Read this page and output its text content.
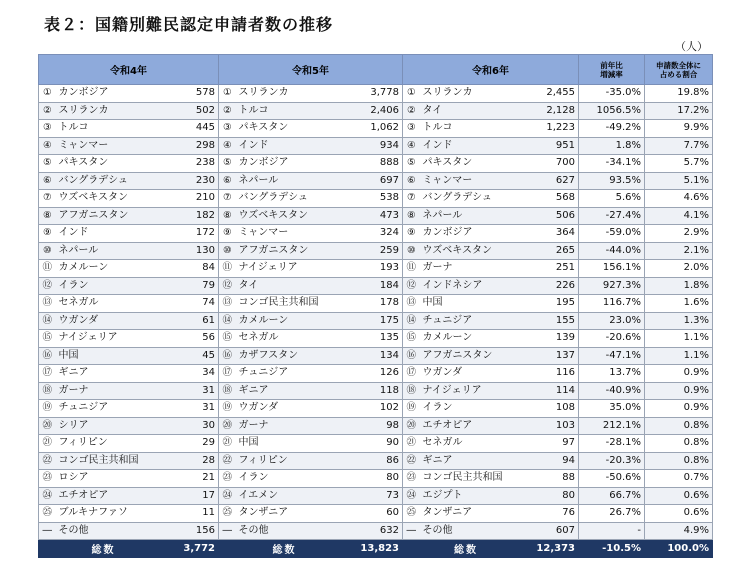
表２：国籍別難民認定申請者数の推移
（人）
令和4年			令和5年			令和6年			前年比
増減率	申請数全体に
占める割合
①	カンボジア	578	①	スリランカ	3,778	①	スリランカ	2,455	-35.0%	19.8%
②	スリランカ	502	②	トルコ	2,406	②	タイ	2,128	1056.5%	17.2%
③	トルコ	445	③	パキスタン	1,062	③	トルコ	1,223	-49.2%	9.9%
④	ミャンマー	298	④	インド	934	④	インド	951	1.8%	7.7%
⑤	パキスタン	238	⑤	カンボジア	888	⑤	パキスタン	700	-34.1%	5.7%
⑥	バングラデシュ	230	⑥	ネパール	697	⑥	ミャンマー	627	93.5%	5.1%
⑦	ウズベキスタン	210	⑦	バングラデシュ	538	⑦	バングラデシュ	568	5.6%	4.6%
⑧	アフガニスタン	182	⑧	ウズベキスタン	473	⑧	ネパール	506	-27.4%	4.1%
⑨	インド	172	⑨	ミャンマー	324	⑨	カンボジア	364	-59.0%	2.9%
⑩	ネパール	130	⑩	アフガニスタン	259	⑩	ウズベキスタン	265	-44.0%	2.1%
⑪	カメルーン	84	⑪	ナイジェリア	193	⑪	ガーナ	251	156.1%	2.0%
⑫	イラン	79	⑫	タイ	184	⑫	インドネシア	226	927.3%	1.8%
⑬	セネガル	74	⑬	コンゴ民主共和国	178	⑬	中国	195	116.7%	1.6%
⑭	ウガンダ	61	⑭	カメルーン	175	⑭	チュニジア	155	23.0%	1.3%
⑮	ナイジェリア	56	⑮	セネガル	135	⑮	カメルーン	139	-20.6%	1.1%
⑯	中国	45	⑯	カザフスタン	134	⑯	アフガニスタン	137	-47.1%	1.1%
⑰	ギニア	34	⑰	チュニジア	126	⑰	ウガンダ	116	13.7%	0.9%
⑱	ガーナ	31	⑱	ギニア	118	⑱	ナイジェリア	114	-40.9%	0.9%
⑲	チュニジア	31	⑲	ウガンダ	102	⑲	イラン	108	35.0%	0.9%
⑳	シリア	30	⑳	ガーナ	98	⑳	エチオピア	103	212.1%	0.8%
㉑	フィリピン	29	㉑	中国	90	㉑	セネガル	97	-28.1%	0.8%
㉒	コンゴ民主共和国	28	㉒	フィリピン	86	㉒	ギニア	94	-20.3%	0.8%
㉓	ロシア	21	㉓	イラン	80	㉓	コンゴ民主共和国	88	-50.6%	0.7%
㉔	エチオピア	17	㉔	イエメン	73	㉔	エジプト	80	66.7%	0.6%
㉕	ブルキナファソ	11	㉕	タンザニア	60	㉕	タンザニア	76	26.7%	0.6%
―	その他	156	―	その他	632	―	その他	607	-	4.9%
総数		3,772	総数		13,823	総数		12,373	-10.5%	100.0%
